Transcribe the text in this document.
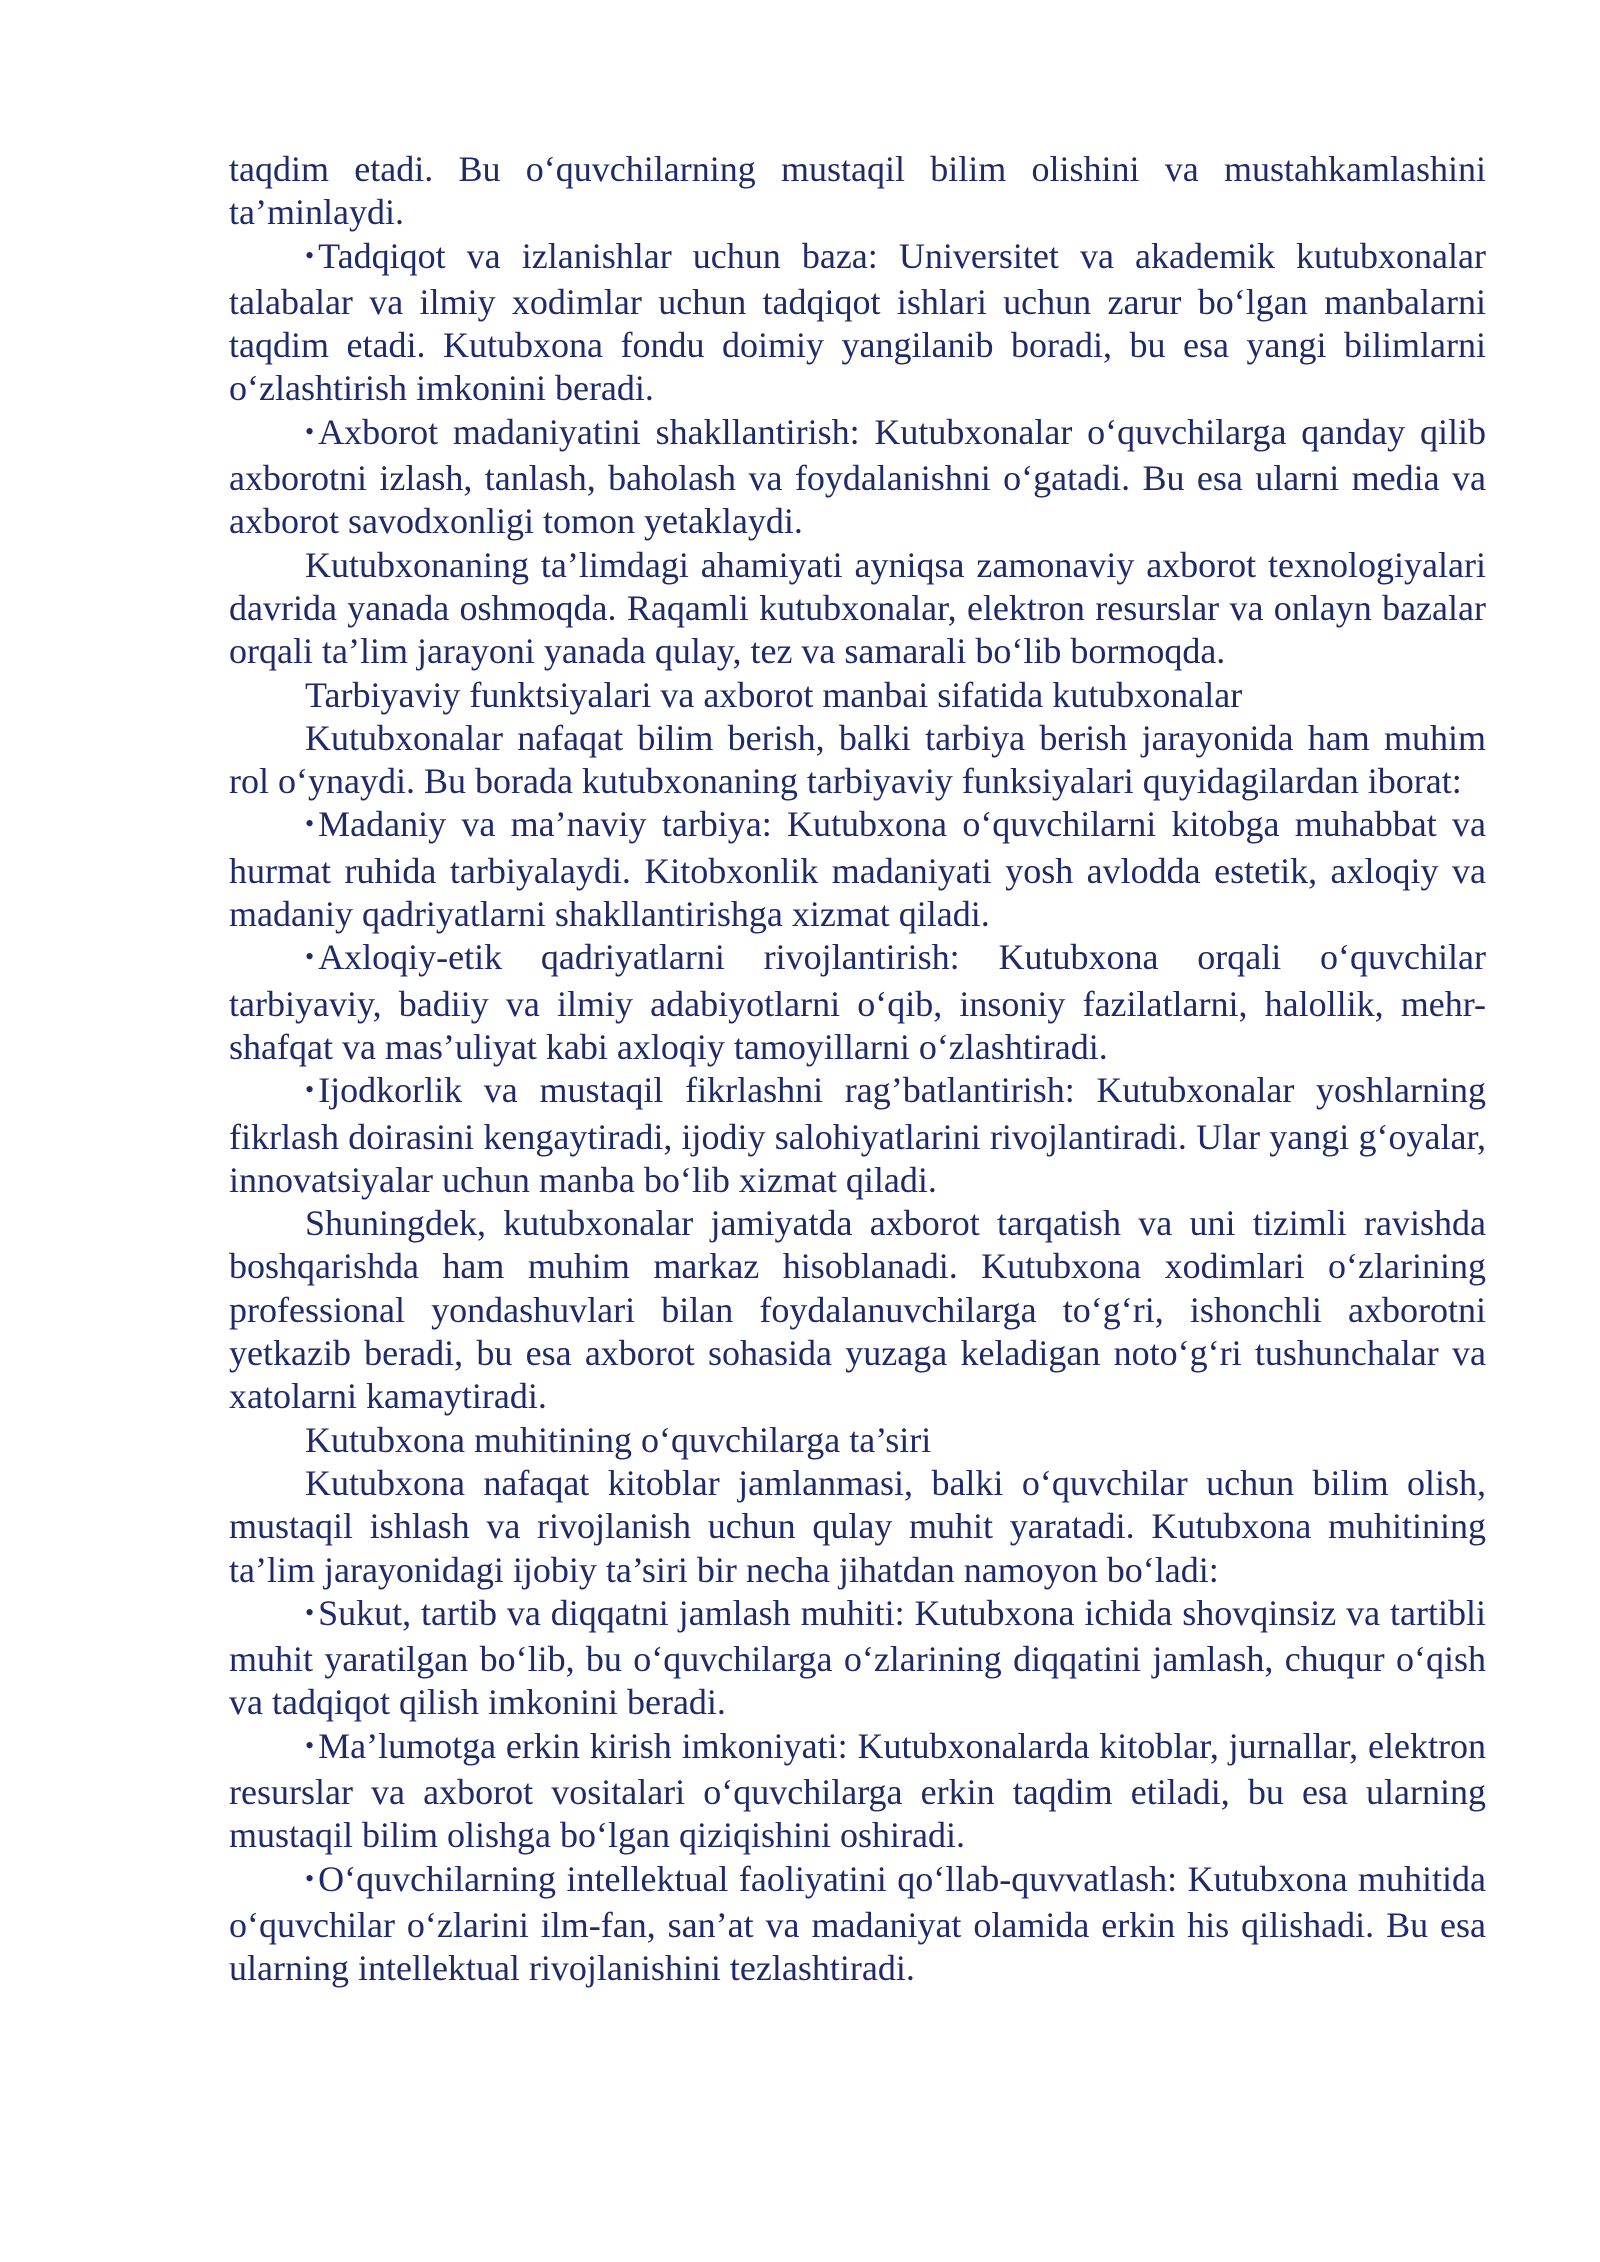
taqdim etadi. Bu o‘quvchilarning mustaqil bilim olishini va mustahkamlashini ta’minlaydi.

• Tadqiqot va izlanishlar uchun baza: Universitet va akademik kutubxonalar talabalar va ilmiy xodimlar uchun tadqiqot ishlari uchun zarur bo‘lgan manbalarni taqdim etadi. Kutubxona fondu doimiy yangilanib boradi, bu esa yangi bilimlarni o‘zlashtirish imkonini beradi.

• Axborot madaniyatini shakllantirish: Kutubxonalar o‘quvchilarga qanday qilib axborotni izlash, tanlash, baholash va foydalanishni o‘gatadi. Bu esa ularni media va axborot savodxonligi tomon yetaklaydi.

Kutubxonaning ta’limdagi ahamiyati ayniqsa zamonaviy axborot texnologiyalari davrida yanada oshmoqda. Raqamli kutubxonalar, elektron resurslar va onlayn bazalar orqali ta’lim jarayoni yanada qulay, tez va samarali bo‘lib bormoqda.

Tarbiyaviy funktsiyalari va axborot manbai sifatida kutubxonalar

Kutubxonalar nafaqat bilim berish, balki tarbiya berish jarayonida ham muhim rol o‘ynaydi. Bu borada kutubxonaning tarbiyaviy funksiyalari quyidagilardan iborat:

• Madaniy va ma’naviy tarbiya: Kutubxona o‘quvchilarni kitobga muhabbat va hurmat ruhida tarbiyalaydi. Kitobxonlik madaniyati yosh avlodda estetik, axloqiy va madaniy qadriyatlarni shakllantirishga xizmat qiladi.

• Axloqiy-etik qadriyatlarni rivojlantirish: Kutubxona orqali o‘quvchilar tarbiyaviy, badiiy va ilmiy adabiyotlarni o‘qib, insoniy fazilatlarni, halollik, mehr-shafqat va mas’uliyat kabi axloqiy tamoyillarni o‘zlashtiradi.

• Ijodkorlik va mustaqil fikrlashni rag’batlantirish: Kutubxonalar yoshlarning fikrlash doirasini kengaytiradi, ijodiy salohiyatlarini rivojlantiradi. Ular yangi g‘oyalar, innovatsiyalar uchun manba bo‘lib xizmat qiladi.

Shuningdek, kutubxonalar jamiyatda axborot tarqatish va uni tizimli ravishda boshqarishda ham muhim markaz hisoblanadi. Kutubxona xodimlari o‘zlarining professional yondashuvlari bilan foydalanuvchilarga to‘g‘ri, ishonchli axborotni yetkazib beradi, bu esa axborot sohasida yuzaga keladigan noto‘g‘ri tushunchalar va xatolarni kamaytiradi.

Kutubxona muhitining o‘quvchilarga ta’siri

Kutubxona nafaqat kitoblar jamlanmasi, balki o‘quvchilar uchun bilim olish, mustaqil ishlash va rivojlanish uchun qulay muhit yaratadi. Kutubxona muhitining ta’lim jarayonidagi ijobiy ta’siri bir necha jihatdan namoyon bo‘ladi:

• Sukut, tartib va diqqatni jamlash muhiti: Kutubxona ichida shovqinsiz va tartibli muhit yaratilgan bo‘lib, bu o‘quvchilarga o‘zlarining diqqatini jamlash, chuqur o‘qish va tadqiqot qilish imkonini beradi.

• Ma’lumotga erkin kirish imkoniyati: Kutubxonalarda kitoblar, jurnallar, elektron resurslar va axborot vositalari o‘quvchilarga erkin taqdim etiladi, bu esa ularning mustaqil bilim olishga bo‘lgan qiziqishini oshiradi.

• O‘quvchilarning intellektual faoliyatini qo‘llab-quvvatlash: Kutubxona muhitida o‘quvchilar o‘zlarini ilm-fan, san’at va madaniyat olamida erkin his qilishadi. Bu esa ularning intellektual rivojlanishini tezlashtiradi.
